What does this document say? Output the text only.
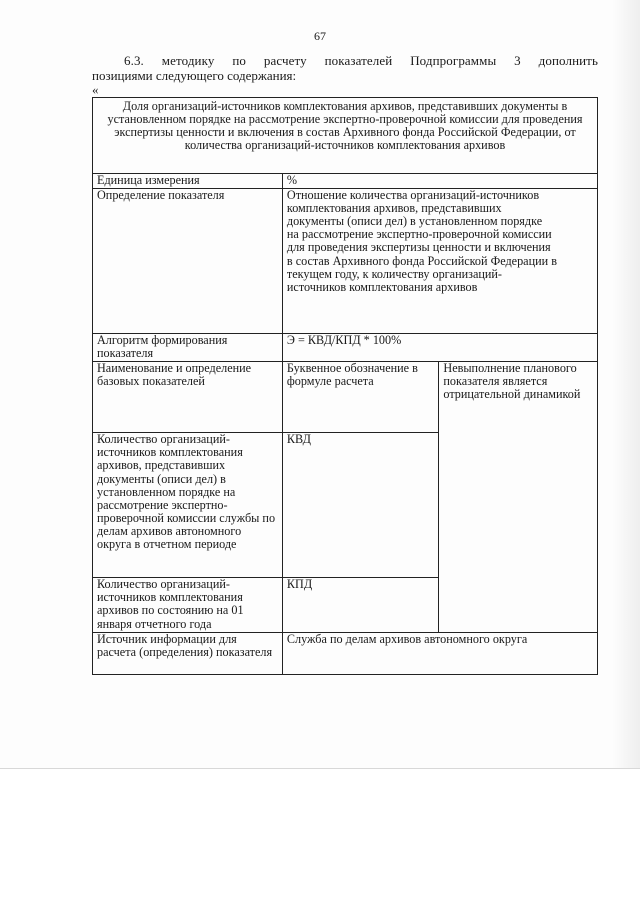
67
6.3. методику по расчету показателей Подпрограммы 3 дополнить
позициями следующего содержания:
«
Доля организаций-источников комплектования архивов, представивших документы в установленном порядке на рассмотрение экспертно-проверочной комиссии для проведения экспертизы ценности и включения в состав Архивного фонда Российской Федерации, от количества организаций-источников комплектования архивов		
Единица измерения	%	
Определение показателя	Отношение количества организаций-источников комплектования архивов, представивших документы (описи дел) в установленном порядке на рассмотрение экспертно-проверочной комиссии для проведения экспертизы ценности и включения в состав Архивного фонда Российской Федерации в текущем году, к количеству организаций-источников комплектования архивов	
Алгоритм формирования показателя	Э = КВД/КПД * 100%	
Наименование и определение базовых показателей	Буквенное обозначение в формуле расчета	Невыполнение планового показателя является отрицательной динамикой
Количество организаций-источников комплектования архивов, представивших документы (описи дел) в установленном порядке на рассмотрение экспертно-проверочной комиссии службы по делам архивов автономного округа в отчетном периоде	КВД	
Количество организаций-источников комплектования архивов по состоянию на 01 января отчетного года	КПД	
Источник информации для расчета (определения) показателя	Служба по делам архивов автономного округа	
